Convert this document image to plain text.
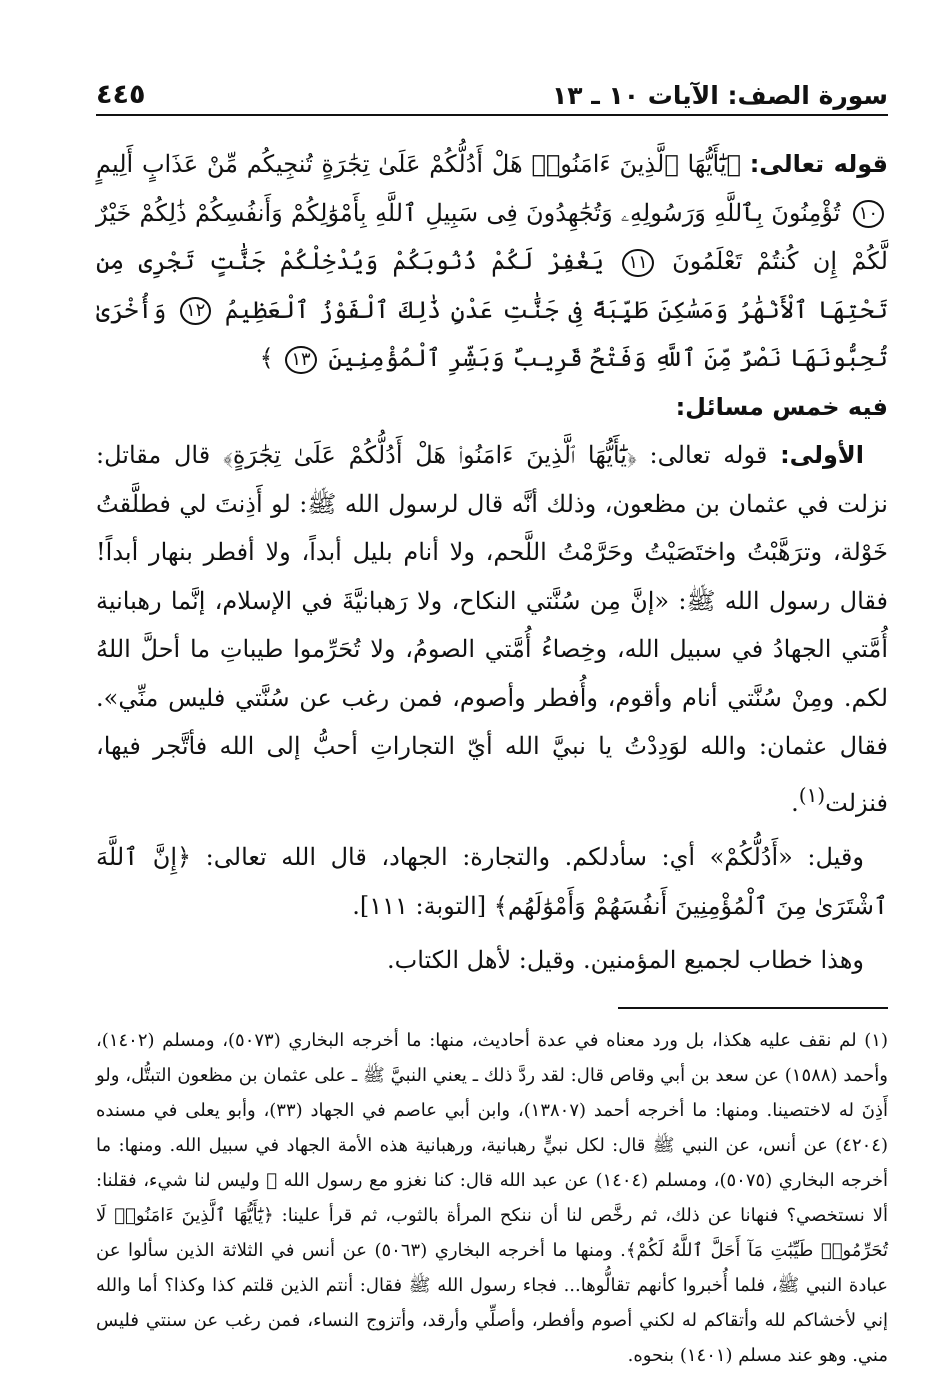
سورة الصف: الآيات ١٠ ـ ١٣
٤٤٥

قوله تعالى: ﴿يَٰٓأَيُّهَا ٱلَّذِينَ ءَامَنُوا۟ هَلْ أَدُلُّكُمْ عَلَىٰ تِجَٰرَةٍ تُنجِيكُم مِّنْ عَذَابٍ أَلِيمٍ ١٠ تُؤْمِنُونَ بِٱللَّهِ وَرَسُولِهِۦ وَتُجَٰهِدُونَ فِى سَبِيلِ ٱللَّهِ بِأَمْوَٰلِكُمْ وَأَنفُسِكُمْ ذَٰلِكُمْ خَيْرٌ لَّكُمْ إِن كُنتُمْ تَعْلَمُونَ ١١ يَغْفِرْ لَكُمْ ذُنُوبَكُمْ وَيُدْخِلْكُمْ جَنَّٰتٍ تَجْرِى مِن تَحْتِهَا ٱلْأَنْهَٰرُ وَمَسَٰكِنَ طَيِّبَةً فِى جَنَّٰتِ عَدْنٍ ذَٰلِكَ ٱلْفَوْزُ ٱلْعَظِيمُ ١٢ وَأُخْرَىٰ تُحِبُّونَهَا نَصْرٌ مِّنَ ٱللَّهِ وَفَتْحٌ قَرِيبٌ وَبَشِّرِ ٱلْمُؤْمِنِينَ ١٣ ﴾

فيه خمس مسائل:

الأولى: قوله تعالى: ﴿يَٰٓأَيُّهَا ٱلَّذِينَ ءَامَنُوا۟ هَلْ أَدُلُّكُمْ عَلَىٰ تِجَٰرَةٍ﴾ قال مقاتل: نزلت في عثمان بن مظعون، وذلك أنَّه قال لرسول الله ﷺ: لو أَذِنتَ لي فطلَّقتُ خَوْلة، وترَهَّبْتُ واختَصَيْتُ وحَرَّمْتُ اللَّحم، ولا أنام بليل أبداً، ولا أفطر بنهار أبداً! فقال رسول الله ﷺ: «إنَّ مِن سُنَّتي النكاح، ولا رَهبانيَّةَ في الإسلام، إنَّما رهبانية أُمَّتي الجهادُ في سبيل الله، وخِصاءُ أُمَّتي الصومُ، ولا تُحَرِّموا طيباتِ ما أحلَّ اللهُ لكم. ومِنْ سُنَّتي أنام وأقوم، وأُفطر وأصوم، فمن رغب عن سُنَّتي فليس منِّي». فقال عثمان: والله لوَدِدْتُ يا نبيَّ الله أيّ التجاراتِ أحبُّ إلى الله فأتَّجر فيها، فنزلت$^{(١)}$.

وقيل: «أَدُلُّكُمْ» أي: سأدلكم. والتجارة: الجهاد، قال الله تعالى: ﴿إِنَّ ٱللَّهَ ٱشْتَرَىٰ مِنَ ٱلْمُؤْمِنِينَ أَنفُسَهُمْ وَأَمْوَٰلَهُم﴾ [التوبة: ١١١].

وهذا خطاب لجميع المؤمنين. وقيل: لأهل الكتاب.

(١) لم نقف عليه هكذا، بل ورد معناه في عدة أحاديث، منها: ما أخرجه البخاري (٥٠٧٣)، ومسلم (١٤٠٢)، وأحمد (١٥٨٨) عن سعد بن أبي وقاص قال: لقد ردَّ ذلك ـ يعني النبيَّ ﷺ ـ على عثمان بن مظعون التبتُّل، ولو أَذِنَ له لاختصينا. ومنها: ما أخرجه أحمد (١٣٨٠٧)، وابن أبي عاصم في الجهاد (٣٣)، وأبو يعلى في مسنده (٤٢٠٤) عن أنس، عن النبي ﷺ قال: لكل نبيٍّ رهبانية، ورهبانية هذه الأمة الجهاد في سبيل الله. ومنها: ما أخرجه البخاري (٥٠٧٥)، ومسلم (١٤٠٤) عن عبد الله قال: كنا نغزو مع رسول الله ﷺ وليس لنا شيء، فقلنا: ألا نستخصي؟ فنهانا عن ذلك، ثم رخَّص لنا أن ننكح المرأة بالثوب، ثم قرأ علينا: ﴿يَٰٓأَيُّهَا ٱلَّذِينَ ءَامَنُوا۟ لَا تُحَرِّمُوا۟ طَيِّبَٰتِ مَآ أَحَلَّ ٱللَّهُ لَكُمْ﴾. ومنها ما أخرجه البخاري (٥٠٦٣) عن أنس في الثلاثة الذين سألوا عن عبادة النبي ﷺ، فلما أُخبروا كأنهم تقالُّوها... فجاء رسول الله ﷺ فقال: أنتم الذين قلتم كذا وكذا؟ أما والله إني لأخشاكم لله وأتقاكم له لكني أصوم وأفطر، وأصلِّي وأرقد، وأتزوج النساء، فمن رغب عن سنتي فليس مني. وهو عند مسلم (١٤٠١) بنحوه.
